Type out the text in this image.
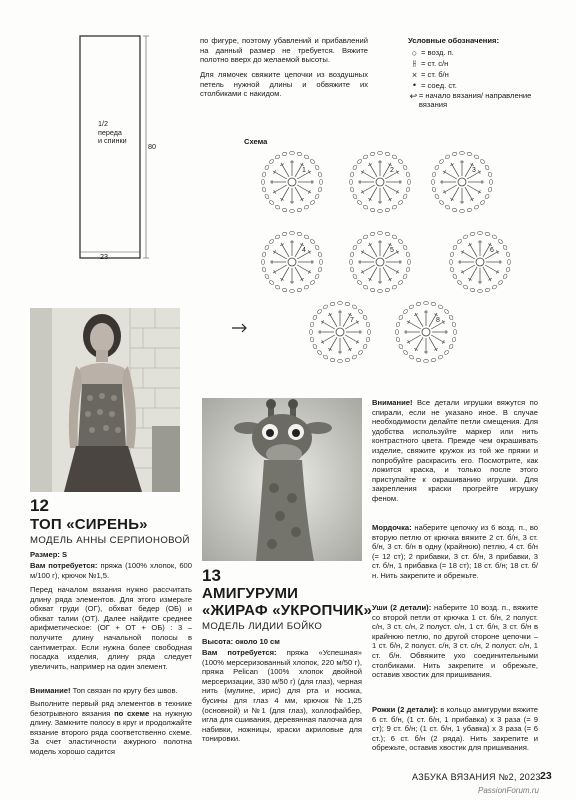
1/2
переда
и спинки
80
23
по фигуре, поэтому убавлений и прибавлений на данный размер не требуется. Вяжите полотно вверх до желаемой высоты.
Для лямочек свяжите цепочки из воздушных петель нужной длины и обвяжите их столбиками с накидом.
Условные обозначения:
○ = возд. п.
⫲ = ст. с/н
× = ст. б/н
• = соед. ст.
↩ = начало вязания/ направление вязания
Схема
1	2	3
4	5	6
7	8
12
ТОП «СИРЕНЬ»
МОДЕЛЬ АННЫ СЕРПИОНОВОЙ
Размер: S
Вам потребуется: пряжа (100% хлопок, 600 м/100 г), крючок №1,5.
Перед началом вязания нужно рассчитать длину ряда элементов. Для этого измерьте обхват груди (ОГ), обхват бедер (ОБ) и обхват талии (ОТ). Далее найдите среднее арифметическое: (ОГ + ОТ + ОБ) : 3 – получите длину начальной полосы в сантиметрах. Если нужна более свободная посадка изделия, длину ряда следует увеличить, например на один элемент.
Внимание! Топ связан по кругу без швов.
Выполните первый ряд элементов в технике безотрывного вязания по схеме на нужную длину. Замкните полосу в круг и продолжайте вязание второго ряда соответственно схеме. За счет эластичности ажурного полотна модель хорошо садится
13
АМИГУРУМИ
«ЖИРАФ «УКРОПЧИК»
МОДЕЛЬ ЛИДИИ БОЙКО
Высота: около 10 см
Вам потребуется: пряжа «Успешная» (100% мерсеризованный хлопок, 220 м/50 г), пряжа Pelican (100% хлопок двойной мерсеризации, 330 м/50 г) (для глаз), черная нить (мулине, ирис) для рта и носика, бусины для глаз 4 мм, крючок №1,25 (основной) и №1 (для глаз), холлофайбер, игла для сшивания, деревянная палочка для набивки, ножницы, краски акриловые для тонировки.
Внимание! Все детали игрушки вяжутся по спирали, если не указано иное. В случае необходимости делайте петли смещения. Для удобства используйте маркер или нить контрастного цвета. Прежде чем окрашивать изделие, свяжите кружок из той же пряжи и попробуйте раскрасить его. Посмотрите, как ложится краска, и только после этого приступайте к окрашиванию игрушки. Для закрепления краски прогрейте игрушку феном.
Мордочка: наберите цепочку из 6 возд. п., во вторую петлю от крючка вяжите 2 ст. б/н, 3 ст. б/н, 3 ст. б/н в одну (крайнюю) петлю, 4 ст. б/н (= 12 ст); 2 прибавки, 3 ст. б/н, 3 прибавки, 3 ст. б/н, 1 прибавка (= 18 ст); 18 ст. б/н; 18 ст. б/н. Нить закрепите и обрежьте.
Уши (2 детали): наберите 10 возд. п., вяжите со второй петли от крючка 1 ст. б/н, 2 полуст. с/н, 3 ст. с/н, 2 полуст. с/н, 1 ст. б/н, 3 ст. б/н в крайнюю петлю, по другой стороне цепочки – 1 ст. б/н, 2 полуст. с/н, 3 ст. с/н, 2 полуст. с/н, 1 ст. б/н. Обвяжите ухо соединительными столбиками. Нить закрепите и обрежьте, оставив хвостик для пришивания.
Рожки (2 детали): в кольцо амигуруми вяжите 6 ст. б/н, (1 ст. б/н, 1 прибавка) х 3 раза (= 9 ст); 9 ст. б/н; (1 ст. б/н, 1 убавка) х 3 раза (= 6 ст.); 6 ст. б/н (2 ряда). Нить закрепите и обрежьте, оставив хвостик для пришивания.
АЗБУКА ВЯЗАНИЯ №2, 2023 23
PassionForum.ru
